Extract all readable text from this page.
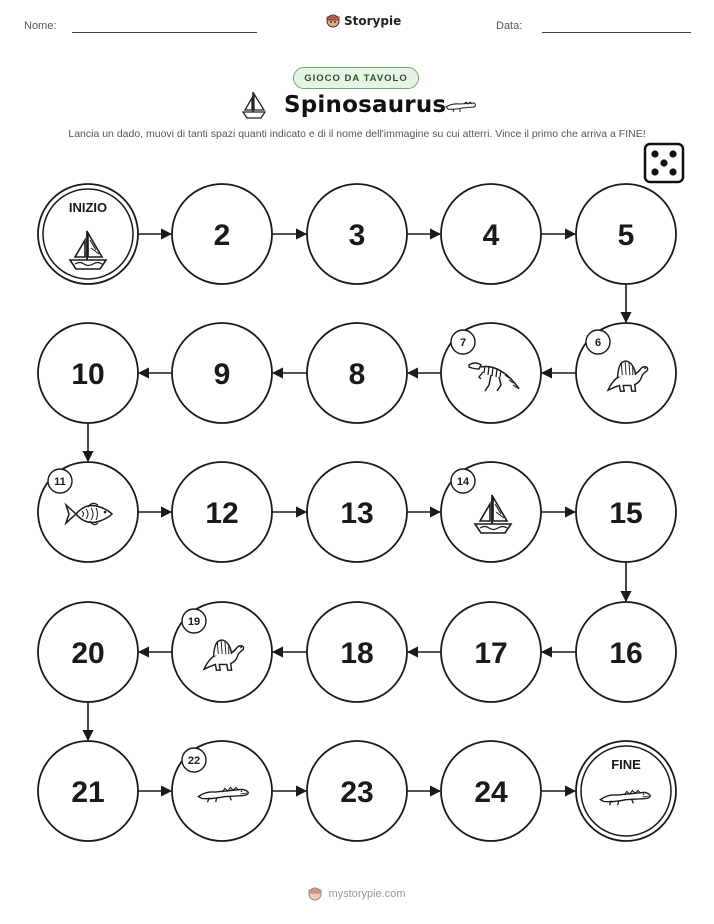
Nome:	Storypie	Data:
GIOCO DA TAVOLO
Spinosaurus
Lancia un dado, muovi di tanti spazi quanti indicato e di il nome dell'immagine su cui atterri. Vince il primo che arriva a FINE!
INIZIO
2	3	4	5
6
7
8
9
10
11
12	13
14
15
16
17
18
19
20
21
22
23	24
FINE
mystorypie.com
